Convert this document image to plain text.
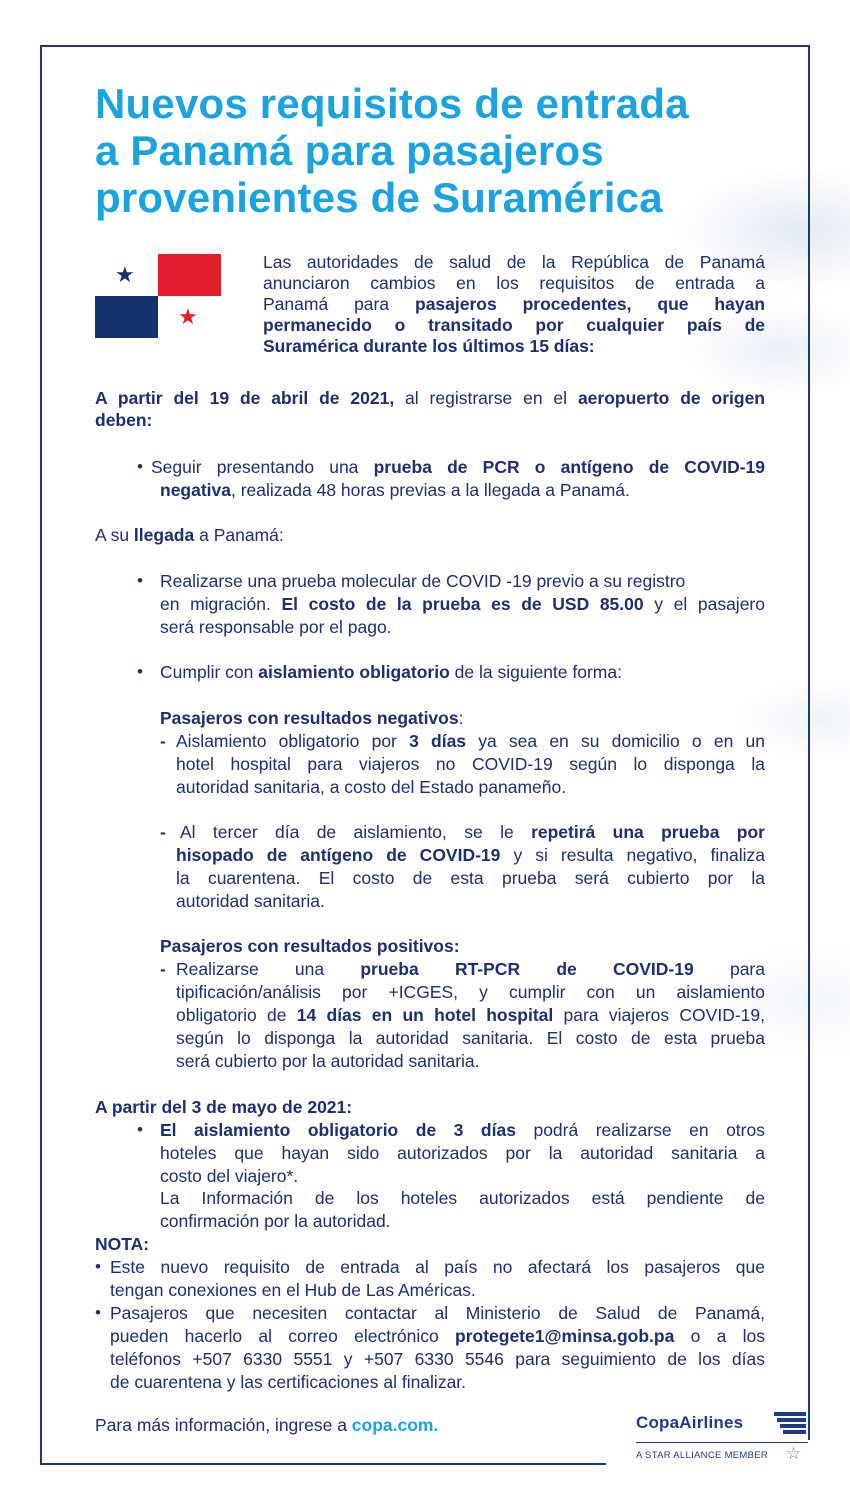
Nuevos requisitos de entrada
a Panamá para pasajeros
provenientes de Suramérica
★
★
Las autoridades de salud de la República de Panamá
anunciaron cambios en los requisitos de entrada a
Panamá para pasajeros procedentes, que hayan
permanecido o transitado por cualquier país de
Suramérica durante los últimos 15 días:
A partir del 19 de abril de 2021, al registrarse en el aeropuerto de origen
deben:
• Seguir presentando una prueba de PCR o antígeno de COVID-19
negativa, realizada 48 horas previas a la llegada a Panamá.
A su llegada a Panamá:
• Realizarse una prueba molecular de COVID -19 previo a su registro
en migración. El costo de la prueba es de USD 85.00 y el pasajero
será responsable por el pago.
• Cumplir con aislamiento obligatorio de la siguiente forma:
Pasajeros con resultados negativos:
- Aislamiento obligatorio por 3 días ya sea en su domicilio o en un
hotel hospital para viajeros no COVID-19 según lo disponga la
autoridad sanitaria, a costo del Estado panameño.
- Al tercer día de aislamiento, se le repetirá una prueba por
hisopado de antígeno de COVID-19 y si resulta negativo, finaliza
la cuarentena. El costo de esta prueba será cubierto por la
autoridad sanitaria.
Pasajeros con resultados positivos:
- Realizarse una prueba RT-PCR de COVID-19 para
tipificación/análisis por +ICGES, y cumplir con un aislamiento
obligatorio de 14 días en un hotel hospital para viajeros COVID-19,
según lo disponga la autoridad sanitaria. El costo de esta prueba
será cubierto por la autoridad sanitaria.
A partir del 3 de mayo de 2021:
• El aislamiento obligatorio de 3 días podrá realizarse en otros
hoteles que hayan sido autorizados por la autoridad sanitaria a
costo del viajero*.
La Información de los hoteles autorizados está pendiente de
confirmación por la autoridad.
NOTA:
• Este nuevo requisito de entrada al país no afectará los pasajeros que
tengan conexiones en el Hub de Las Américas.
• Pasajeros que necesiten contactar al Ministerio de Salud de Panamá,
pueden hacerlo al correo electrónico protegete1@minsa.gob.pa o a los
teléfonos +507 6330 5551 y +507 6330 5546 para seguimiento de los días
de cuarentena y las certificaciones al finalizar.
Para más información, ingrese a copa.com.	CopaAirlines
A STAR ALLIANCE MEMBER ☆
